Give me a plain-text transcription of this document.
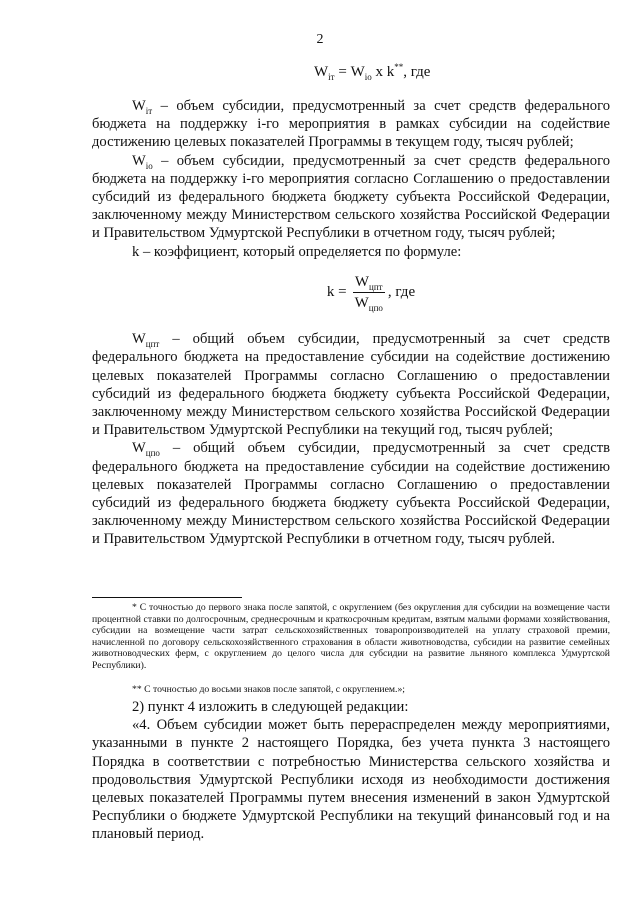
2
$W_{iт} = W_{iо}$ x k**, где

$W_{iт}$ – объем субсидии, предусмотренный за счет средств федерального бюджета на поддержку i-го мероприятия в рамках субсидии на содействие достижению целевых показателей Программы в текущем году, тысяч рублей;

$W_{iо}$ – объем субсидии, предусмотренный за счет средств федерального бюджета на поддержку i-го мероприятия согласно Соглашению о предоставлении субсидий из федерального бюджета бюджету субъекта Российской Федерации, заключенному между Министерством сельского хозяйства Российской Федерации и Правительством Удмуртской Республики в отчетном году, тысяч рублей;

k – коэффициент, который определяется по формуле:

$k = \frac{W_{цпт}}{W_{цпо}}$ , где

$W_{цпт}$ – общий объем субсидии, предусмотренный за счет средств федерального бюджета на предоставление субсидии на содействие достижению целевых показателей Программы согласно Соглашению о предоставлении субсидий из федерального бюджета бюджету субъекта Российской Федерации, заключенному между Министерством сельского хозяйства Российской Федерации и Правительством Удмуртской Республики на текущий год, тысяч рублей;

$W_{цпо}$ – общий объем субсидии, предусмотренный за счет средств федерального бюджета на предоставление субсидии на содействие достижению целевых показателей Программы согласно Соглашению о предоставлении субсидий из федерального бюджета бюджету субъекта Российской Федерации, заключенному между Министерством сельского хозяйства Российской Федерации и Правительством Удмуртской Республики в отчетном году, тысяч рублей.

* С точностью до первого знака после запятой, с округлением (без округления для субсидии на возмещение части процентной ставки по долгосрочным, среднесрочным и краткосрочным кредитам, взятым малыми формами хозяйствования, субсидии на возмещение части затрат сельскохозяйственных товаропроизводителей на уплату страховой премии, начисленной по договору сельскохозяйственного страхования в области животноводства, субсидии на развитие семейных животноводческих ферм, с округлением до целого числа для субсидии на развитие льняного комплекса Удмуртской Республики).

** С точностью до восьми знаков после запятой, с округлением.»;

2) пункт 4 изложить в следующей редакции:

«4. Объем субсидии может быть перераспределен между мероприятиями, указанными в пункте 2 настоящего Порядка, без учета пункта 3 настоящего Порядка в соответствии с потребностью Министерства сельского хозяйства и продовольствия Удмуртской Республики исходя из необходимости достижения целевых показателей Программы путем внесения изменений в закон Удмуртской Республики о бюджете Удмуртской Республики на текущий финансовый год и на плановый период.
